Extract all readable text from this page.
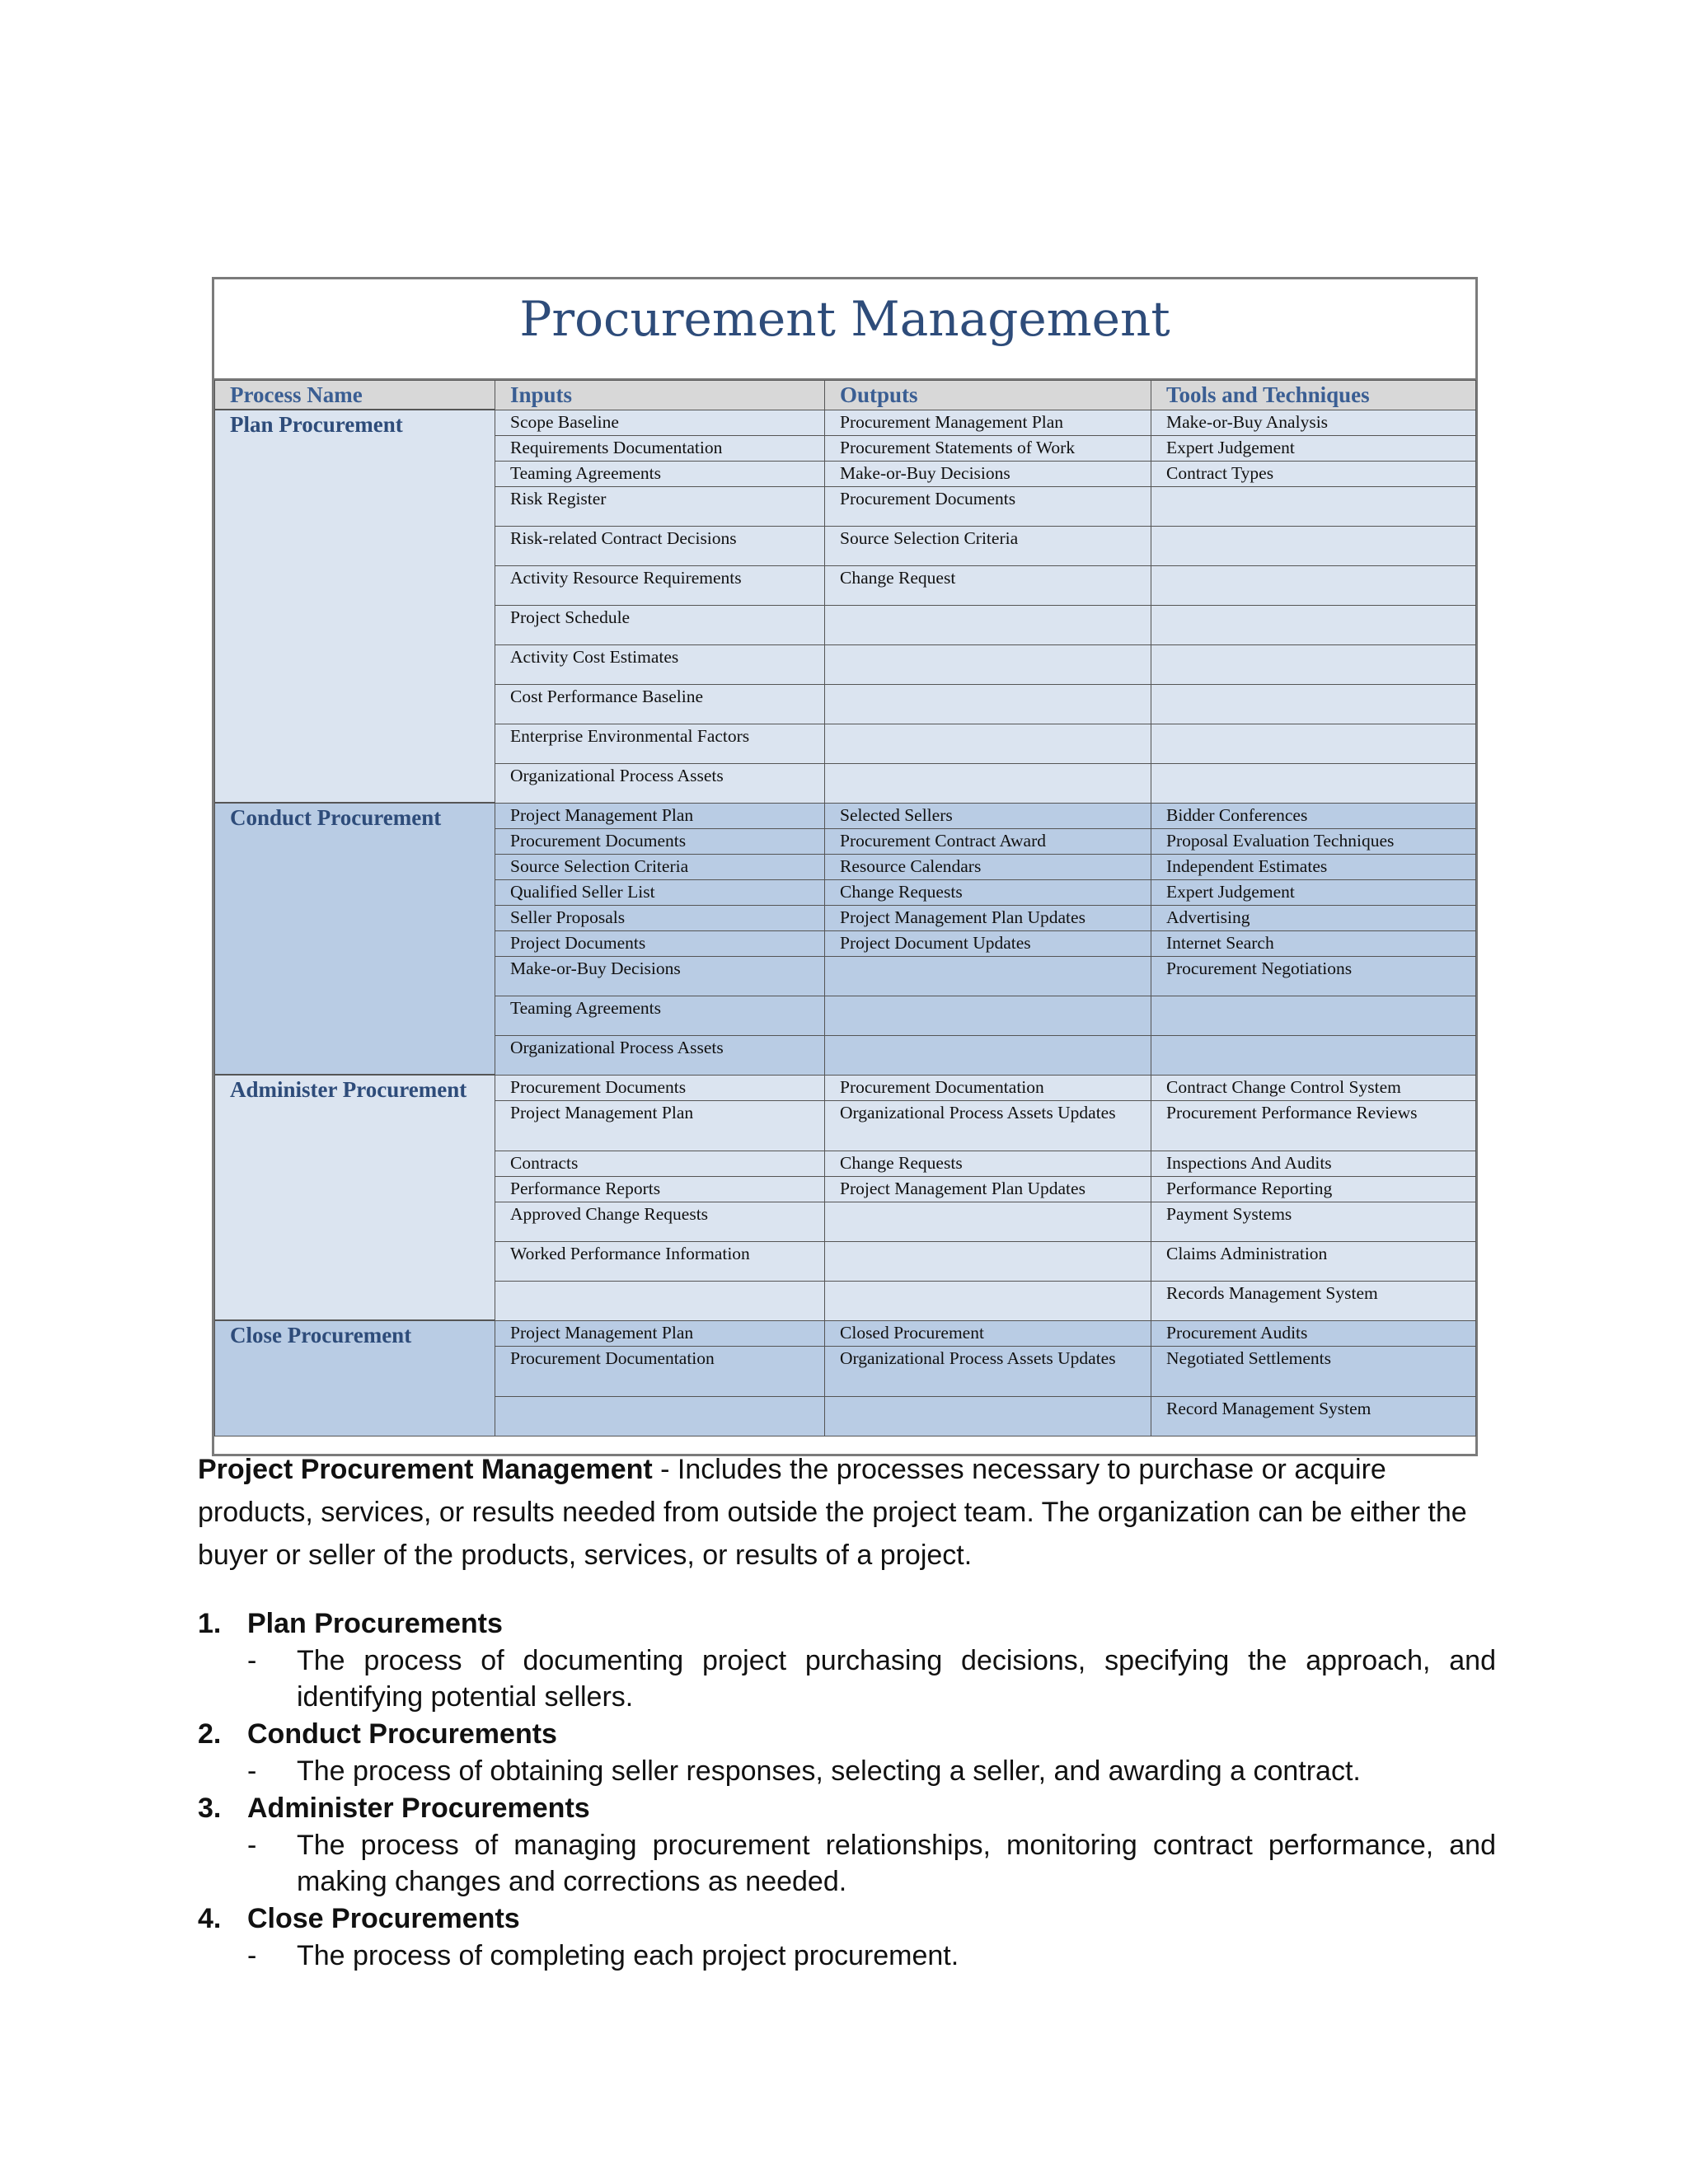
Procurement Management
Process Name	Inputs	Outputs	Tools and Techniques
Plan Procurement	Scope Baseline	Procurement Management Plan	Make-or-Buy Analysis
	Requirements Documentation	Procurement Statements of Work	Expert Judgement
	Teaming Agreements	Make-or-Buy Decisions	Contract Types
	Risk Register	Procurement Documents	
	Risk-related Contract Decisions	Source Selection Criteria	
	Activity Resource Requirements	Change Request	
	Project Schedule		
	Activity Cost Estimates		
	Cost Performance Baseline		
	Enterprise Environmental Factors		
	Organizational Process Assets		
Conduct Procurement	Project Management Plan	Selected Sellers	Bidder Conferences
	Procurement Documents	Procurement Contract Award	Proposal Evaluation Techniques
	Source Selection Criteria	Resource Calendars	Independent Estimates
	Qualified Seller List	Change Requests	Expert Judgement
	Seller Proposals	Project Management Plan Updates	Advertising
	Project Documents	Project Document Updates	Internet Search
	Make-or-Buy Decisions		Procurement Negotiations
	Teaming Agreements		
	Organizational Process Assets		
Administer Procurement	Procurement Documents	Procurement Documentation	Contract Change Control System
	Project Management Plan	Organizational Process Assets Updates	Procurement Performance Reviews
	Contracts	Change Requests	Inspections And Audits
	Performance Reports	Project Management Plan Updates	Performance Reporting
	Approved Change Requests		Payment Systems
	Worked Performance Information		Claims Administration
			Records Management System
Close Procurement	Project Management Plan	Closed Procurement	Procurement Audits
	Procurement Documentation	Organizational Process Assets Updates	Negotiated Settlements
			Record Management System

Project Procurement Management - Includes the processes necessary to purchase or acquire products, services, or results needed from outside the project team. The organization can be either the buyer or seller of the products, services, or results of a project.

1. Plan Procurements
-	The process of documenting project purchasing decisions, specifying the approach, and identifying potential sellers.
2. Conduct Procurements
-	The process of obtaining seller responses, selecting a seller, and awarding a contract.
3. Administer Procurements
-	The process of managing procurement relationships, monitoring contract performance, and making changes and corrections as needed.
4. Close Procurements
-	The process of completing each project procurement.
